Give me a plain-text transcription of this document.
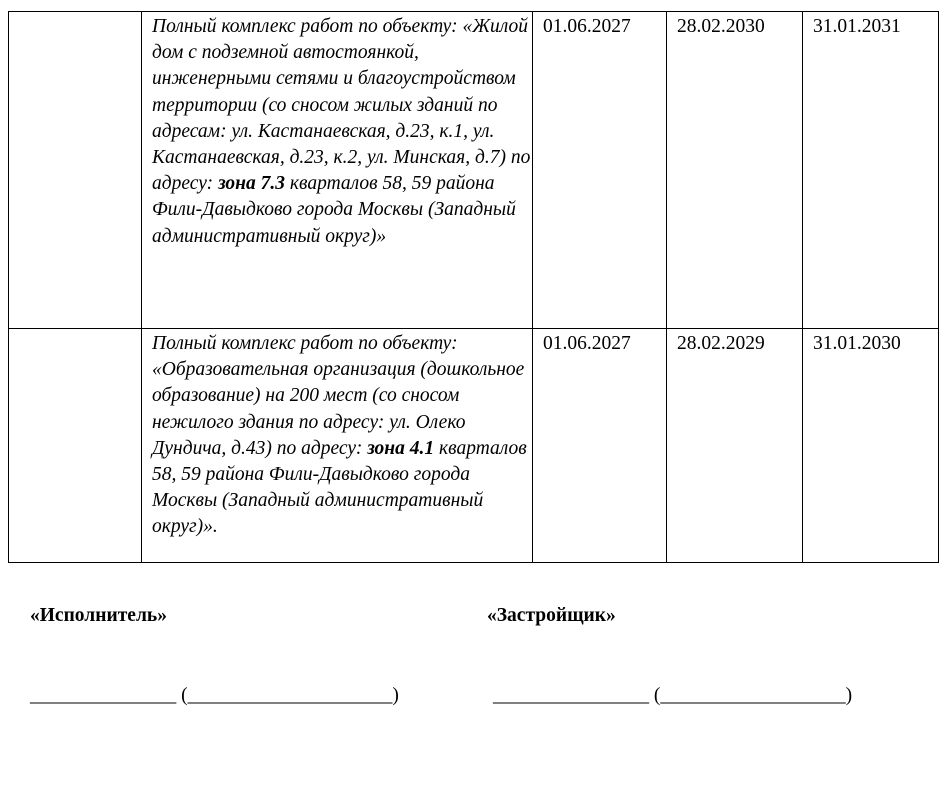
	Полный комплекс работ по объекту: «Жилой дом с подземной автостоянкой, инженерными сетями и благоустройством территории (со сносом жилых зданий по адресам: ул. Кастанаевская, д.23, к.1, ул. Кастанаевская, д.23, к.2, ул. Минская, д.7) по адресу: зона 7.3 кварталов 58, 59 района Фили-Давыдково города Москвы (Западный административный округ)»	01.06.2027	28.02.2030	31.01.2031

	Полный комплекс работ по объекту: «Образовательная организация (дошкольное образование) на 200 мест (со сносом нежилого здания по адресу: ул. Олеко Дундича, д.43) по адресу: зона 4.1 кварталов 58, 59 района Фили-Давыдково города Москвы (Западный административный округ)».	01.06.2027	28.02.2029	31.01.2030
«Исполнитель»	«Застройщик»
_______________ (_____________________)	________________ (___________________)
